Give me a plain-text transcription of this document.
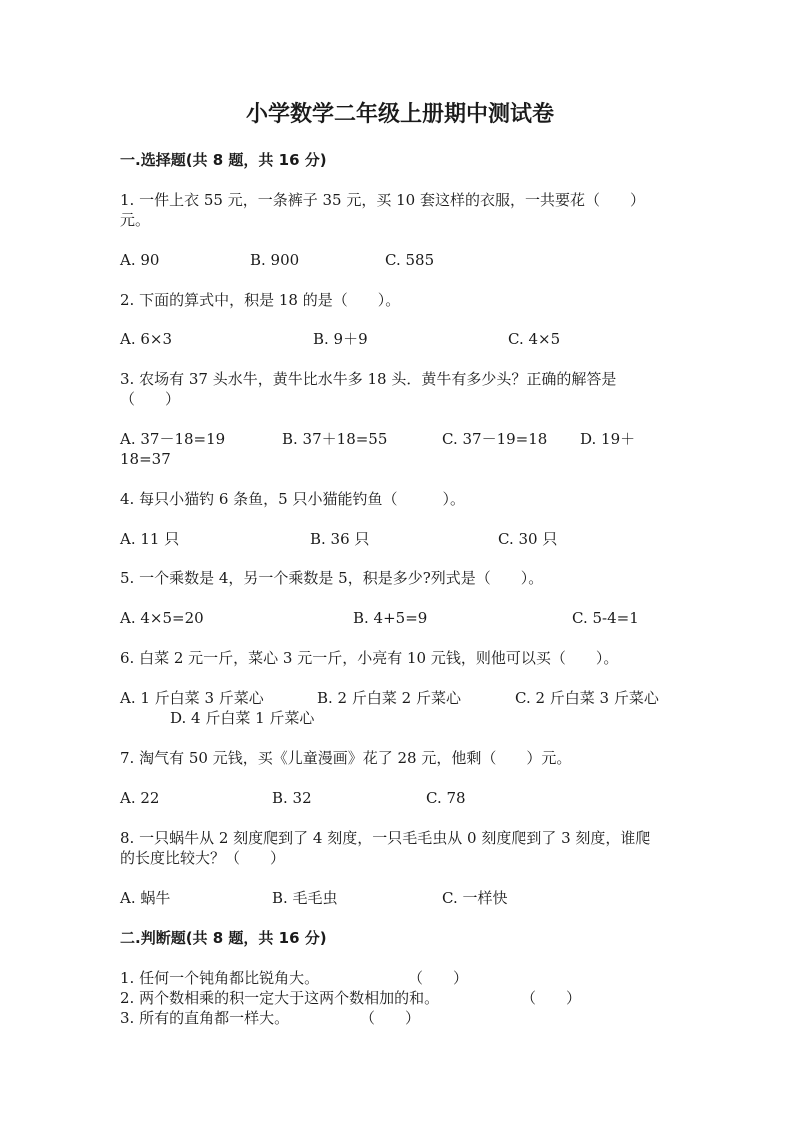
小学数学二年级上册期中测试卷
一.选择题(共 8 题，共 16 分)
1. 一件上衣 55 元，一条裤子 35 元，买 10 套这样的衣服，一共要花（　　）
元。
A. 90	B. 900	C. 585
2. 下面的算式中，积是 18 的是（　　）。
A. 6×3	B. 9＋9	C. 4×5
3. 农场有 37 头水牛，黄牛比水牛多 18 头．黄牛有多少头？正确的解答是
（　　）
A. 37－18=19	B. 37＋18=55	C. 37－19=18 D. 19＋
18=37
4. 每只小猫钓 6 条鱼，5 只小猫能钓鱼（　　　）。
A. 11 只	B. 36 只	C. 30 只
5. 一个乘数是 4，另一个乘数是 5，积是多少?列式是（　　）。
A. 4×5=20	B. 4+5=9	C. 5-4=1
6. 白菜 2 元一斤，菜心 3 元一斤，小亮有 10 元钱，则他可以买（　　）。
A. 1 斤白菜 3 斤菜心	B. 2 斤白菜 2 斤菜心	C. 2 斤白菜 3 斤菜心
D. 4 斤白菜 1 斤菜心
7. 淘气有 50 元钱，买《儿童漫画》花了 28 元，他剩（　　）元。
A. 22	B. 32	C. 78
8. 一只蜗牛从 2 刻度爬到了 4 刻度，一只毛毛虫从 0 刻度爬到了 3 刻度，谁爬
的长度比较大？（　　）
A. 蜗牛	B. 毛毛虫	C. 一样快
二.判断题(共 8 题，共 16 分)
1. 任何一个钝角都比锐角大。	（　　）
2. 两个数相乘的积一定大于这两个数相加的和。	（　　）
3. 所有的直角都一样大。	（　　）
